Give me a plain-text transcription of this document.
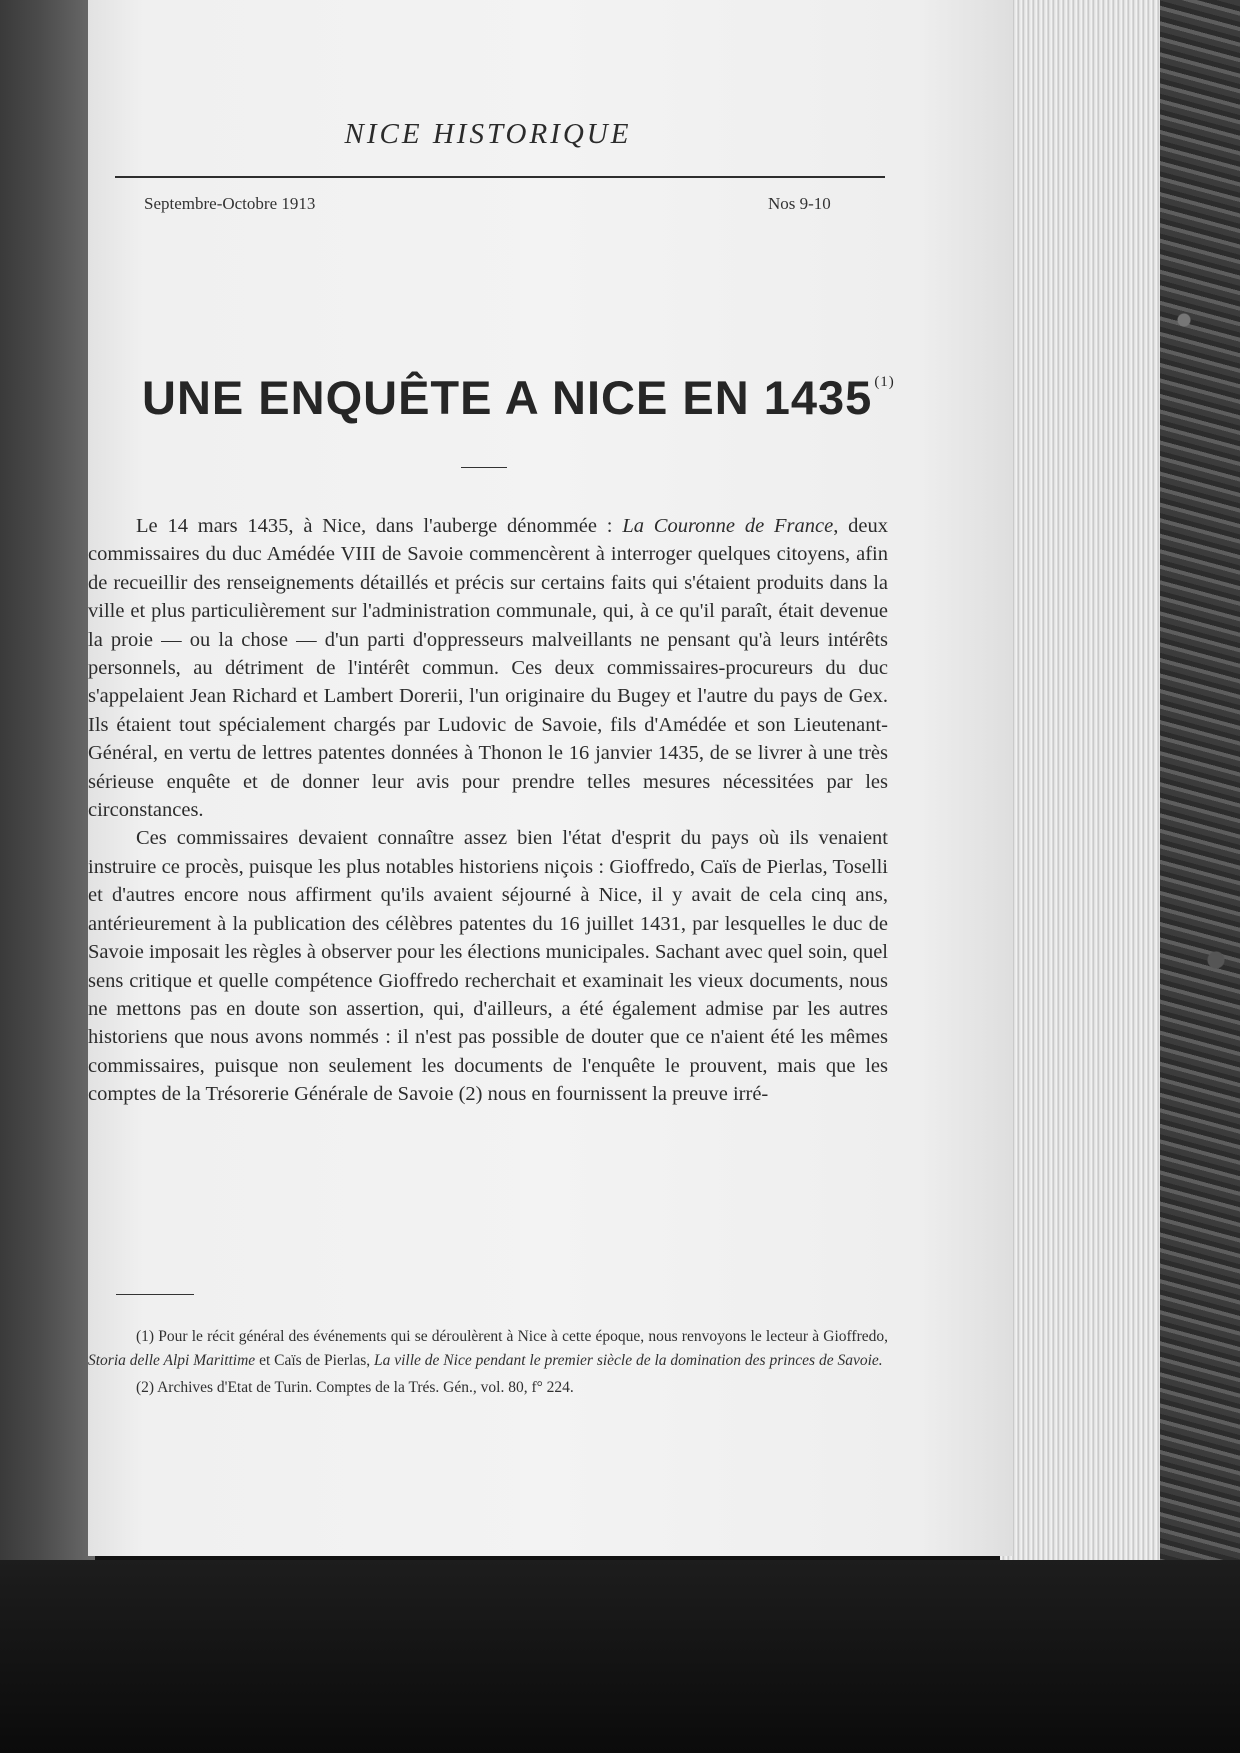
NICE HISTORIQUE
Septembre-Octobre 1913	Nos 9-10
UNE ENQUÊTE A NICE EN 1435 $^{(1)}$

Le 14 mars 1435, à Nice, dans l'auberge dénommée : La Couronne de France, deux commissaires du duc Amédée VIII de Savoie commencèrent à interroger quelques citoyens, afin de recueillir des renseignements détaillés et précis sur certains faits qui s'étaient produits dans la ville et plus particulièrement sur l'administration communale, qui, à ce qu'il paraît, était devenue la proie — ou la chose — d'un parti d'oppresseurs malveillants ne pensant qu'à leurs intérêts personnels, au détriment de l'intérêt commun. Ces deux commissaires-procureurs du duc s'appelaient Jean Richard et Lambert Dorerii, l'un originaire du Bugey et l'autre du pays de Gex. Ils étaient tout spécialement chargés par Ludovic de Savoie, fils d'Amédée et son Lieutenant-Général, en vertu de lettres patentes données à Thonon le 16 janvier 1435, de se livrer à une très sérieuse enquête et de donner leur avis pour prendre telles mesures nécessitées par les circonstances.

Ces commissaires devaient connaître assez bien l'état d'esprit du pays où ils venaient instruire ce procès, puisque les plus notables historiens niçois : Gioffredo, Caïs de Pierlas, Toselli et d'autres encore nous affirment qu'ils avaient séjourné à Nice, il y avait de cela cinq ans, antérieurement à la publication des célèbres patentes du 16 juillet 1431, par lesquelles le duc de Savoie imposait les règles à observer pour les élections municipales. Sachant avec quel soin, quel sens critique et quelle compétence Gioffredo recherchait et examinait les vieux documents, nous ne mettons pas en doute son assertion, qui, d'ailleurs, a été également admise par les autres historiens que nous avons nommés : il n'est pas possible de douter que ce n'aient été les mêmes commissaires, puisque non seulement les documents de l'enquête le prouvent, mais que les comptes de la Trésorerie Générale de Savoie (2) nous en fournissent la preuve irré-

(1) Pour le récit général des événements qui se déroulèrent à Nice à cette époque, nous renvoyons le lecteur à Gioffredo, Storia delle Alpi Marittime et Caïs de Pierlas, La ville de Nice pendant le premier siècle de la domination des princes de Savoie.

(2) Archives d'Etat de Turin. Comptes de la Trés. Gén., vol. 80, f° 224.
